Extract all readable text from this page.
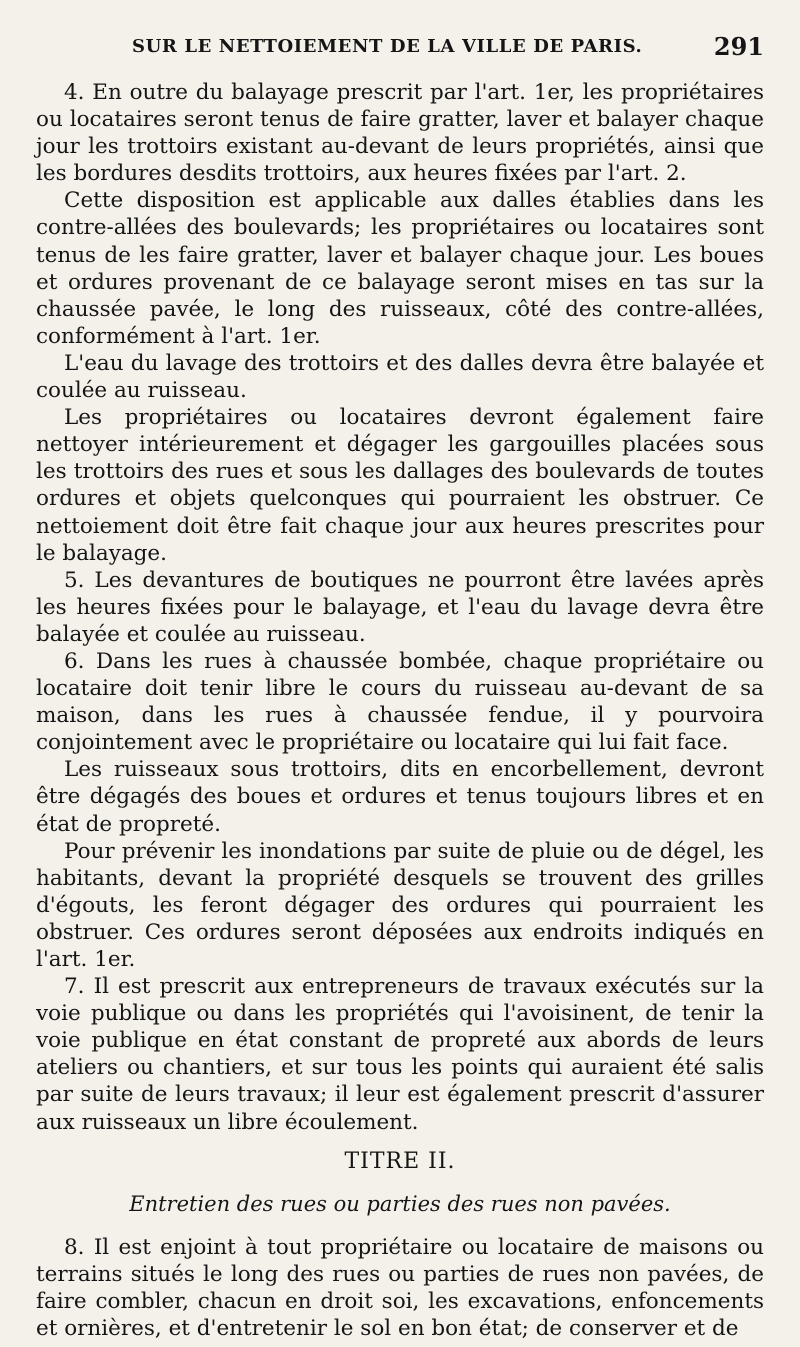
SUR LE NETTOIEMENT DE LA VILLE DE PARIS.	291

4. En outre du balayage prescrit par l'art. 1er, les propriétaires ou locataires seront tenus de faire gratter, laver et balayer chaque jour les trottoirs existant au-devant de leurs propriétés, ainsi que les bordures desdits trottoirs, aux heures fixées par l'art. 2.

Cette disposition est applicable aux dalles établies dans les contre-allées des boulevards; les propriétaires ou locataires sont tenus de les faire gratter, laver et balayer chaque jour. Les boues et ordures provenant de ce balayage seront mises en tas sur la chaussée pavée, le long des ruisseaux, côté des contre-allées, conformément à l'art. 1er.

L'eau du lavage des trottoirs et des dalles devra être balayée et coulée au ruisseau.

Les propriétaires ou locataires devront également faire nettoyer intérieurement et dégager les gargouilles placées sous les trottoirs des rues et sous les dallages des boulevards de toutes ordures et objets quelconques qui pourraient les obstruer. Ce nettoiement doit être fait chaque jour aux heures prescrites pour le balayage.

5. Les devantures de boutiques ne pourront être lavées après les heures fixées pour le balayage, et l'eau du lavage devra être balayée et coulée au ruisseau.

6. Dans les rues à chaussée bombée, chaque propriétaire ou locataire doit tenir libre le cours du ruisseau au-devant de sa maison, dans les rues à chaussée fendue, il y pourvoira conjointement avec le propriétaire ou locataire qui lui fait face.

Les ruisseaux sous trottoirs, dits en encorbellement, devront être dégagés des boues et ordures et tenus toujours libres et en état de propreté.

Pour prévenir les inondations par suite de pluie ou de dégel, les habitants, devant la propriété desquels se trouvent des grilles d'égouts, les feront dégager des ordures qui pourraient les obstruer. Ces ordures seront déposées aux endroits indiqués en l'art. 1er.

7. Il est prescrit aux entrepreneurs de travaux exécutés sur la voie publique ou dans les propriétés qui l'avoisinent, de tenir la voie publique en état constant de propreté aux abords de leurs ateliers ou chantiers, et sur tous les points qui auraient été salis par suite de leurs travaux; il leur est également prescrit d'assurer aux ruisseaux un libre écoulement.

TITRE II.
Entretien des rues ou parties des rues non pavées.

8. Il est enjoint à tout propriétaire ou locataire de maisons ou terrains situés le long des rues ou parties de rues non pavées, de faire combler, chacun en droit soi, les excavations, enfoncements et ornières, et d'entretenir le sol en bon état; de conserver et de
